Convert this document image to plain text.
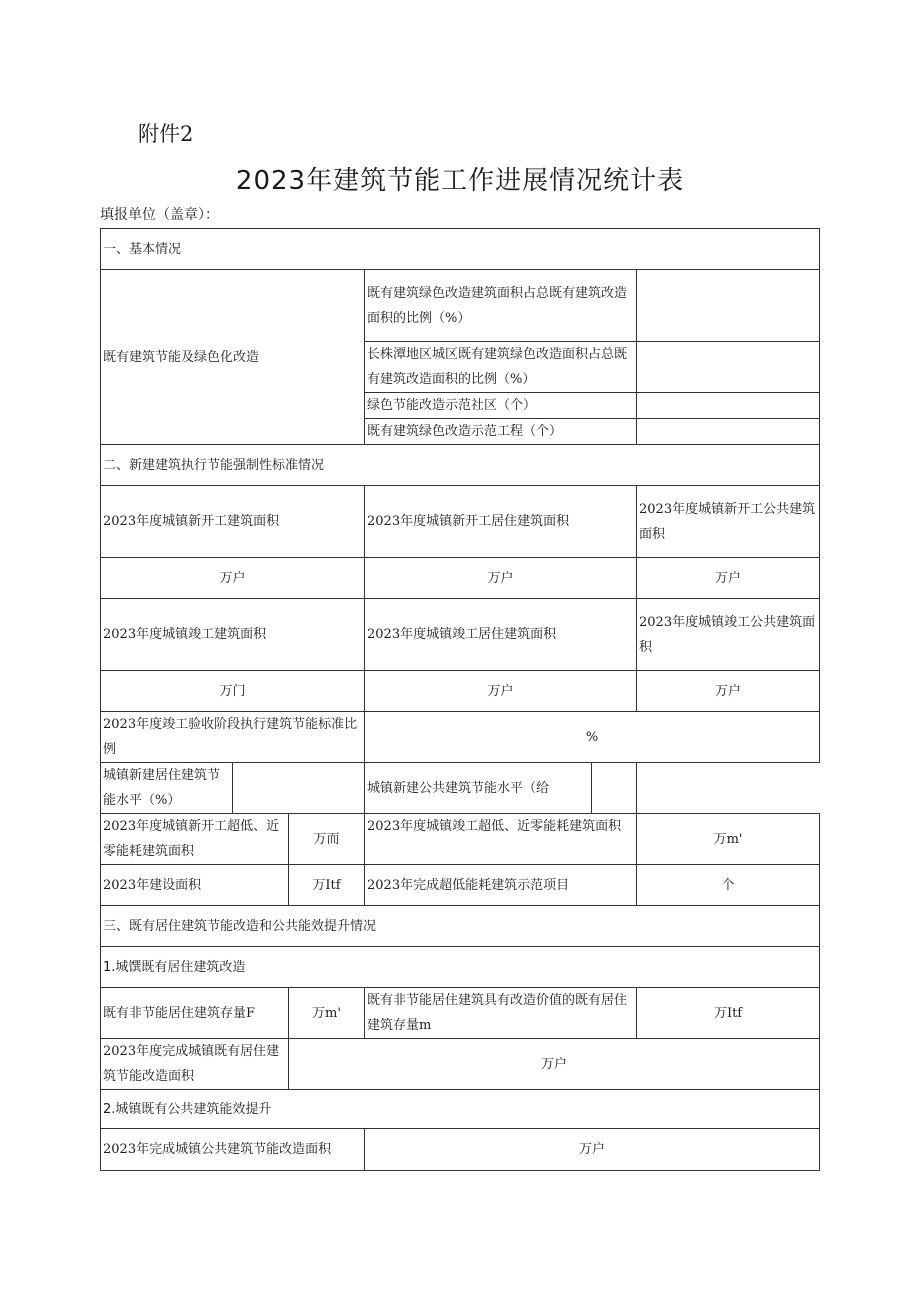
附件2
2023年建筑节能工作进展情况统计表
填报单位（盖章）：
一、基本情况					
既有建筑节能及绿色化改造			既有建筑绿色改造建筑面积占总既有建筑改造面积的比例（%）		
			长株潭地区城区既有建筑绿色改造面积占总既有建筑改造面积的比例（%）		
			绿色节能改造示范社区（个）		
			既有建筑绿色改造示范工程（个）		
二、新建建筑执行节能强制性标准情况					
2023年度城镇新开工建筑面积			2023年度城镇新开工居住建筑面积		2023年度城镇新开工公共建筑面积
万户			万户		万户
2023年度城镇竣工建筑面积			2023年度城镇竣工居住建筑面积		2023年度城镇竣工公共建筑面积
万门			万户		万户
2023年度竣工验收阶段执行建筑节能标准比例			%		
城镇新建居住建筑节能水平（%）			城镇新建公共建筑节能水平（给		
2023年度城镇新开工超低、近零能耗建筑面积		万而	2023年度城镇竣工超低、近零能耗建筑面积		万m'
2023年建设面积		万Itf	2023年完成超低能耗建筑示范项目		个
三、既有居住建筑节能改造和公共能效提升情况					
1.城馔既有居住建筑改造					
既有非节能居住建筑存量F		万m'	既有非节能居住建筑具有改造价值的既有居住建筑存量m		万Itf
2023年度完成城镇既有居住建筑节能改造面积		万户			
2.城镇既有公共建筑能效提升					
2023年完成城镇公共建筑节能改造面积			万户		
